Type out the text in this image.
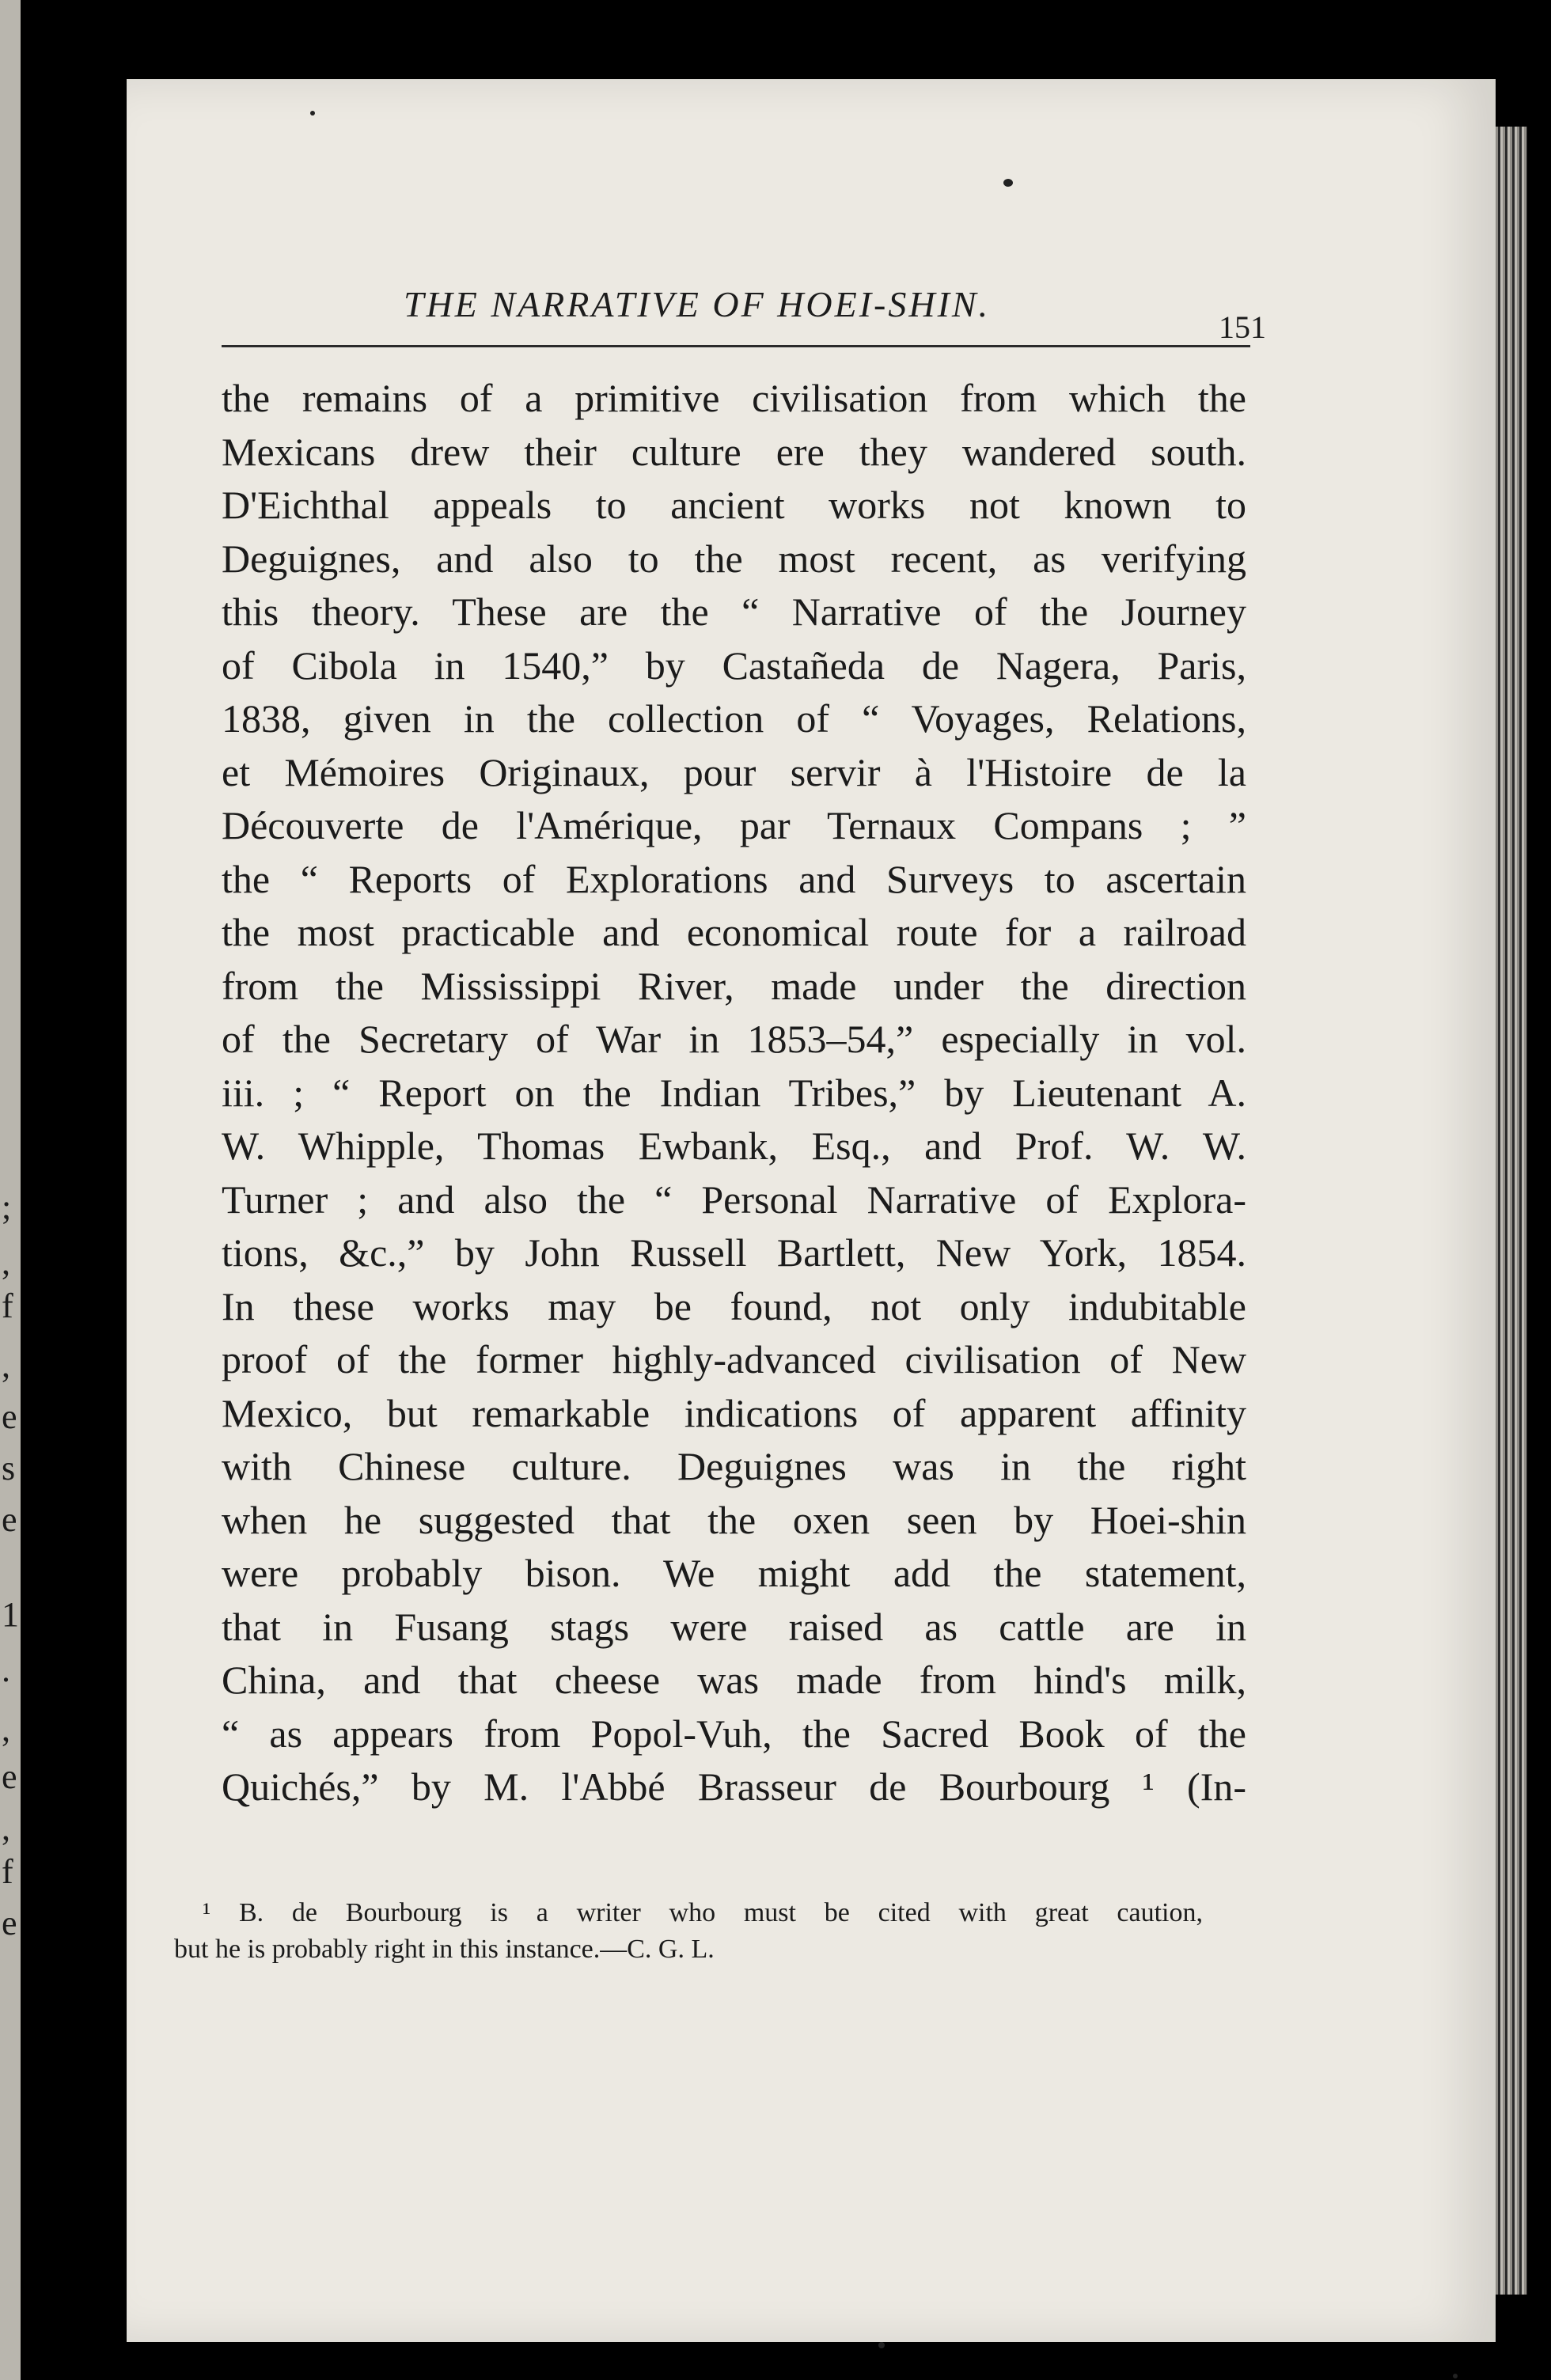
;
,
f
,
e
s
e
1
.
,
e
,
f
e
THE NARRATIVE OF HOEI-SHIN.
151
the remains of a primitive civilisation from which the
Mexicans drew their culture ere they wandered south.
D'Eichthal appeals to ancient works not known to
Deguignes, and also to the most recent, as verifying
this theory. These are the “ Narrative of the Journey
of Cibola in 1540,” by Castañeda de Nagera, Paris,
1838, given in the collection of “ Voyages, Relations,
et Mémoires Originaux, pour servir à l'Histoire de la
Découverte de l'Amérique, par Ternaux Compans ; ”
the “ Reports of Explorations and Surveys to ascertain
the most practicable and economical route for a railroad
from the Mississippi River, made under the direction
of the Secretary of War in 1853–54,” especially in vol.
iii. ; “ Report on the Indian Tribes,” by Lieutenant A.
W. Whipple, Thomas Ewbank, Esq., and Prof. W. W.
Turner ; and also the “ Personal Narrative of Explora-
tions, &c.,” by John Russell Bartlett, New York, 1854.
In these works may be found, not only indubitable
proof of the former highly-advanced civilisation of New
Mexico, but remarkable indications of apparent affinity
with Chinese culture. Deguignes was in the right
when he suggested that the oxen seen by Hoei-shin
were probably bison. We might add the statement,
that in Fusang stags were raised as cattle are in
China, and that cheese was made from hind's milk,
“ as appears from Popol-Vuh, the Sacred Book of the
Quichés,” by M. l'Abbé Brasseur de Bourbourg ¹ (In-
¹ B. de Bourbourg is a writer who must be cited with great caution,
but he is probably right in this instance.—C. G. L.
